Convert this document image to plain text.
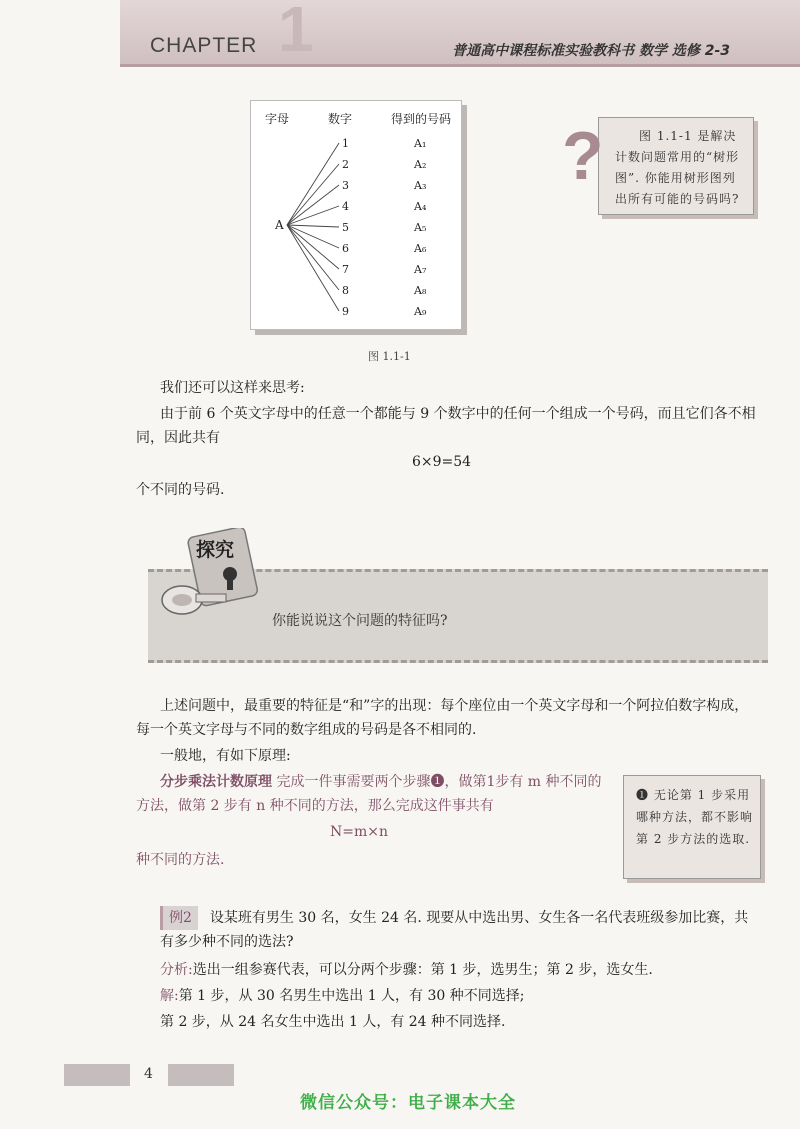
1
CHAPTER	普通高中课程标准实验教科书 数学 选修 2-3
字母	数字	得到的号码
A
1	A₁
2	A₂
3	A₃
4	A₄
5	A₅
6	A₆
7	A₇
8	A₈
9	A₉
图 1.1-1
图 1.1-1 是解决计数问题常用的“树形图”. 你能用树形图列出所有可能的号码吗?
?
我们还可以这样来思考:
由于前 6 个英文字母中的任意一个都能与 9 个数字中的任何一个组成一个号码，而且它们各不相同，因此共有
6×9=54
个不同的号码.
你能说说这个问题的特征吗?
探究
上述问题中，最重要的特征是“和”字的出现：每个座位由一个英文字母和一个阿拉伯数字构成，每一个英文字母与不同的数字组成的号码是各不相同的.
一般地，有如下原理:
分步乘法计数原理 完成一件事需要两个步骤❶，做第1步有 m 种不同的方法，做第 2 步有 n 种不同的方法，那么完成这件事共有
N=m×n
种不同的方法.
❶ 无论第 1 步采用哪种方法，都不影响第 2 步方法的选取.
例2 设某班有男生 30 名，女生 24 名. 现要从中选出男、女生各一名代表班级参加比赛，共有多少种不同的选法?
分析:选出一组参赛代表，可以分两个步骤：第 1 步，选男生；第 2 步，选女生.
解:第 1 步，从 30 名男生中选出 1 人，有 30 种不同选择;
第 2 步，从 24 名女生中选出 1 人，有 24 种不同选择.
4
微信公众号：电子课本大全
